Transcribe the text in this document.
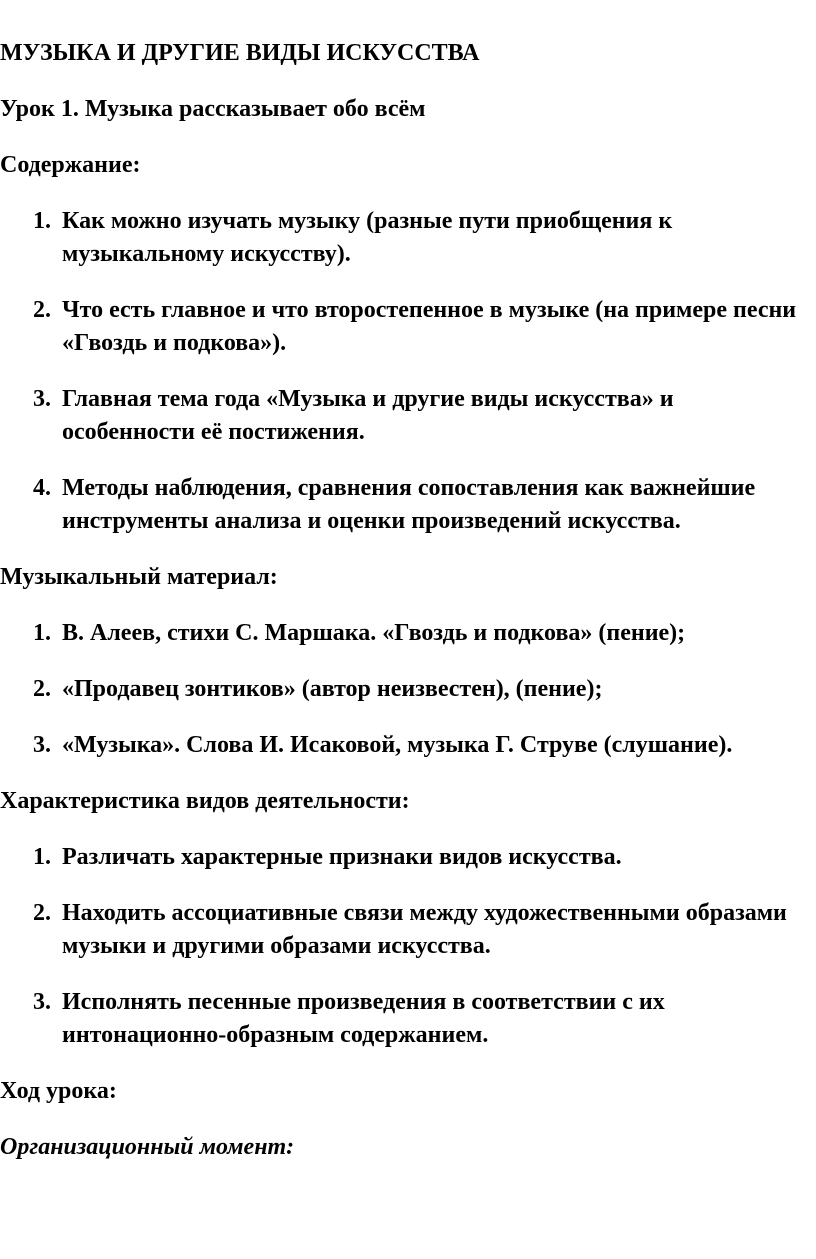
МУЗЫКА И ДРУГИЕ ВИДЫ ИСКУССТВА

Урок 1. Музыка рассказывает обо всём

Содержание:

1. Как можно изучать музыку (разные пути приобщения к музыкальному искусству).
2. Что есть главное и что второстепенное в музыке (на примере песни «Гвоздь и подкова»).
3. Главная тема года «Музыка и другие виды искусства» и особенности её постижения.
4. Методы наблюдения, сравнения сопоставления как важнейшие инструменты анализа и оценки произведений искусства.

Музыкальный материал:

1. В. Алеев, стихи С. Маршака. «Гвоздь и подкова» (пение);
2. «Продавец зонтиков» (автор неизвестен), (пение);
3. «Музыка». Слова И. Исаковой, музыка Г. Струве (слушание).

Характеристика видов деятельности:

1. Различать характерные признаки видов искусства.
2. Находить ассоциативные связи между художественными образами музыки и другими образами искусства.
3. Исполнять песенные произведения в соответствии с их интонационно-образным содержанием.

Ход урока:

Организационный момент:
